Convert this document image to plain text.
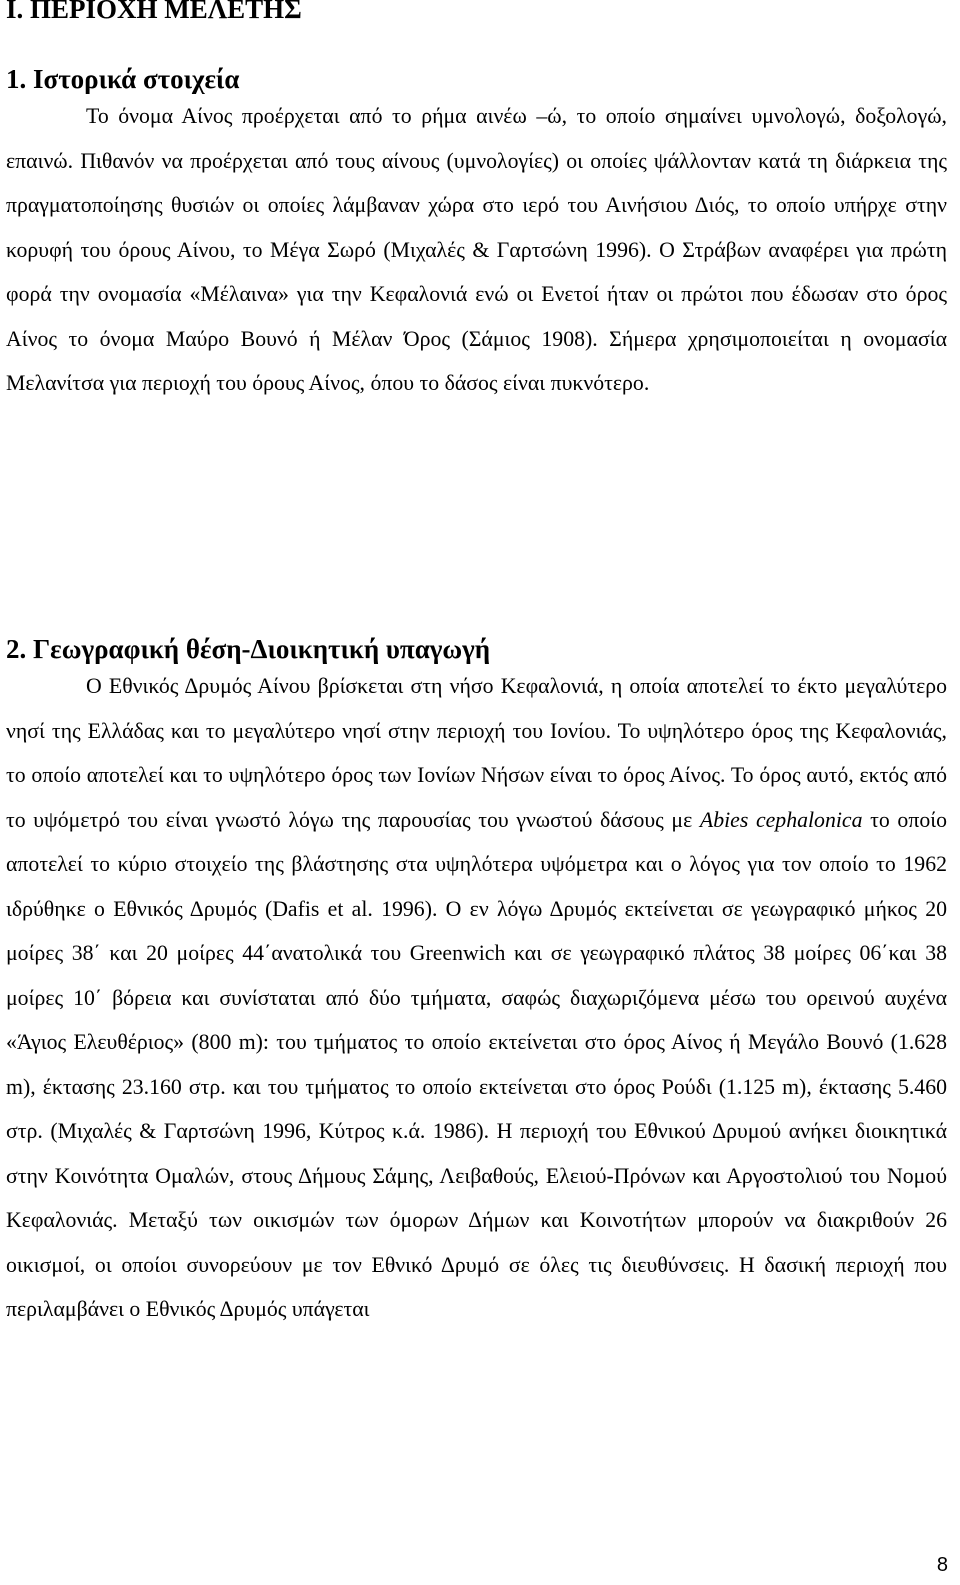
Ι. ΠΕΡΙΟΧΗ ΜΕΛΕΤΗΣ
1. Ιστορικά στοιχεία

Το όνομα Αίνος προέρχεται από το ρήμα αινέω –ώ, το οποίο σημαίνει υμνολογώ, δοξολογώ, επαινώ. Πιθανόν να προέρχεται από τους αίνους (υμνολογίες) οι οποίες ψάλλονταν κατά τη διάρκεια της πραγματοποίησης θυσιών οι οποίες λάμβαναν χώρα στο ιερό του Αινήσιου Διός, το οποίο υπήρχε στην κορυφή του όρους Αίνου, το Μέγα Σωρό (Μιχαλές & Γαρτσώνη 1996). Ο Στράβων αναφέρει για πρώτη φορά την ονομασία «Μέλαινα» για την Κεφαλονιά ενώ οι Ενετοί ήταν οι πρώτοι που έδωσαν στο όρος Αίνος το όνομα Μαύρο Βουνό ή Μέλαν Όρος (Σάμιος 1908). Σήμερα χρησιμοποιείται η ονομασία Μελανίτσα για περιοχή του όρους Αίνος, όπου το δάσος είναι πυκνότερο.

2. Γεωγραφική θέση-Διοικητική υπαγωγή

Ο Εθνικός Δρυμός Αίνου βρίσκεται στη νήσο Κεφαλονιά, η οποία αποτελεί το έκτο μεγαλύτερο νησί της Ελλάδας και το μεγαλύτερο νησί στην περιοχή του Ιονίου. Το υψηλότερο όρος της Κεφαλονιάς, το οποίο αποτελεί και το υψηλότερο όρος των Ιονίων Νήσων είναι το όρος Αίνος. Το όρος αυτό, εκτός από το υψόμετρό του είναι γνωστό λόγω της παρουσίας του γνωστού δάσους με Abies cephalonica το οποίο αποτελεί το κύριο στοιχείο της βλάστησης στα υψηλότερα υψόμετρα και ο λόγος για τον οποίο το 1962 ιδρύθηκε ο Εθνικός Δρυμός (Dafis et al. 1996). Ο εν λόγω Δρυμός εκτείνεται σε γεωγραφικό μήκος 20 μοίρες 38΄ και 20 μοίρες 44΄ανατολικά του Greenwich και σε γεωγραφικό πλάτος 38 μοίρες 06΄και 38 μοίρες 10΄ βόρεια και συνίσταται από δύο τμήματα, σαφώς διαχωριζόμενα μέσω του ορεινού αυχένα «Άγιος Ελευθέριος» (800 m): του τμήματος το οποίο εκτείνεται στο όρος Αίνος ή Μεγάλο Βουνό (1.628 m), έκτασης 23.160 στρ. και του τμήματος το οποίο εκτείνεται στο όρος Ρούδι (1.125 m), έκτασης 5.460 στρ. (Μιχαλές & Γαρτσώνη 1996, Κύτρος κ.ά. 1986). Η περιοχή του Εθνικού Δρυμού ανήκει διοικητικά στην Κοινότητα Ομαλών, στους Δήμους Σάμης, Λειβαθούς, Ελειού-Πρόνων και Αργοστολιού του Νομού Κεφαλονιάς. Μεταξύ των οικισμών των όμορων Δήμων και Κοινοτήτων μπορούν να διακριθούν 26 οικισμοί, οι οποίοι συνορεύουν με τον Εθνικό Δρυμό σε όλες τις διευθύνσεις. Η δασική περιοχή που περιλαμβάνει ο Εθνικός Δρυμός υπάγεται

8
